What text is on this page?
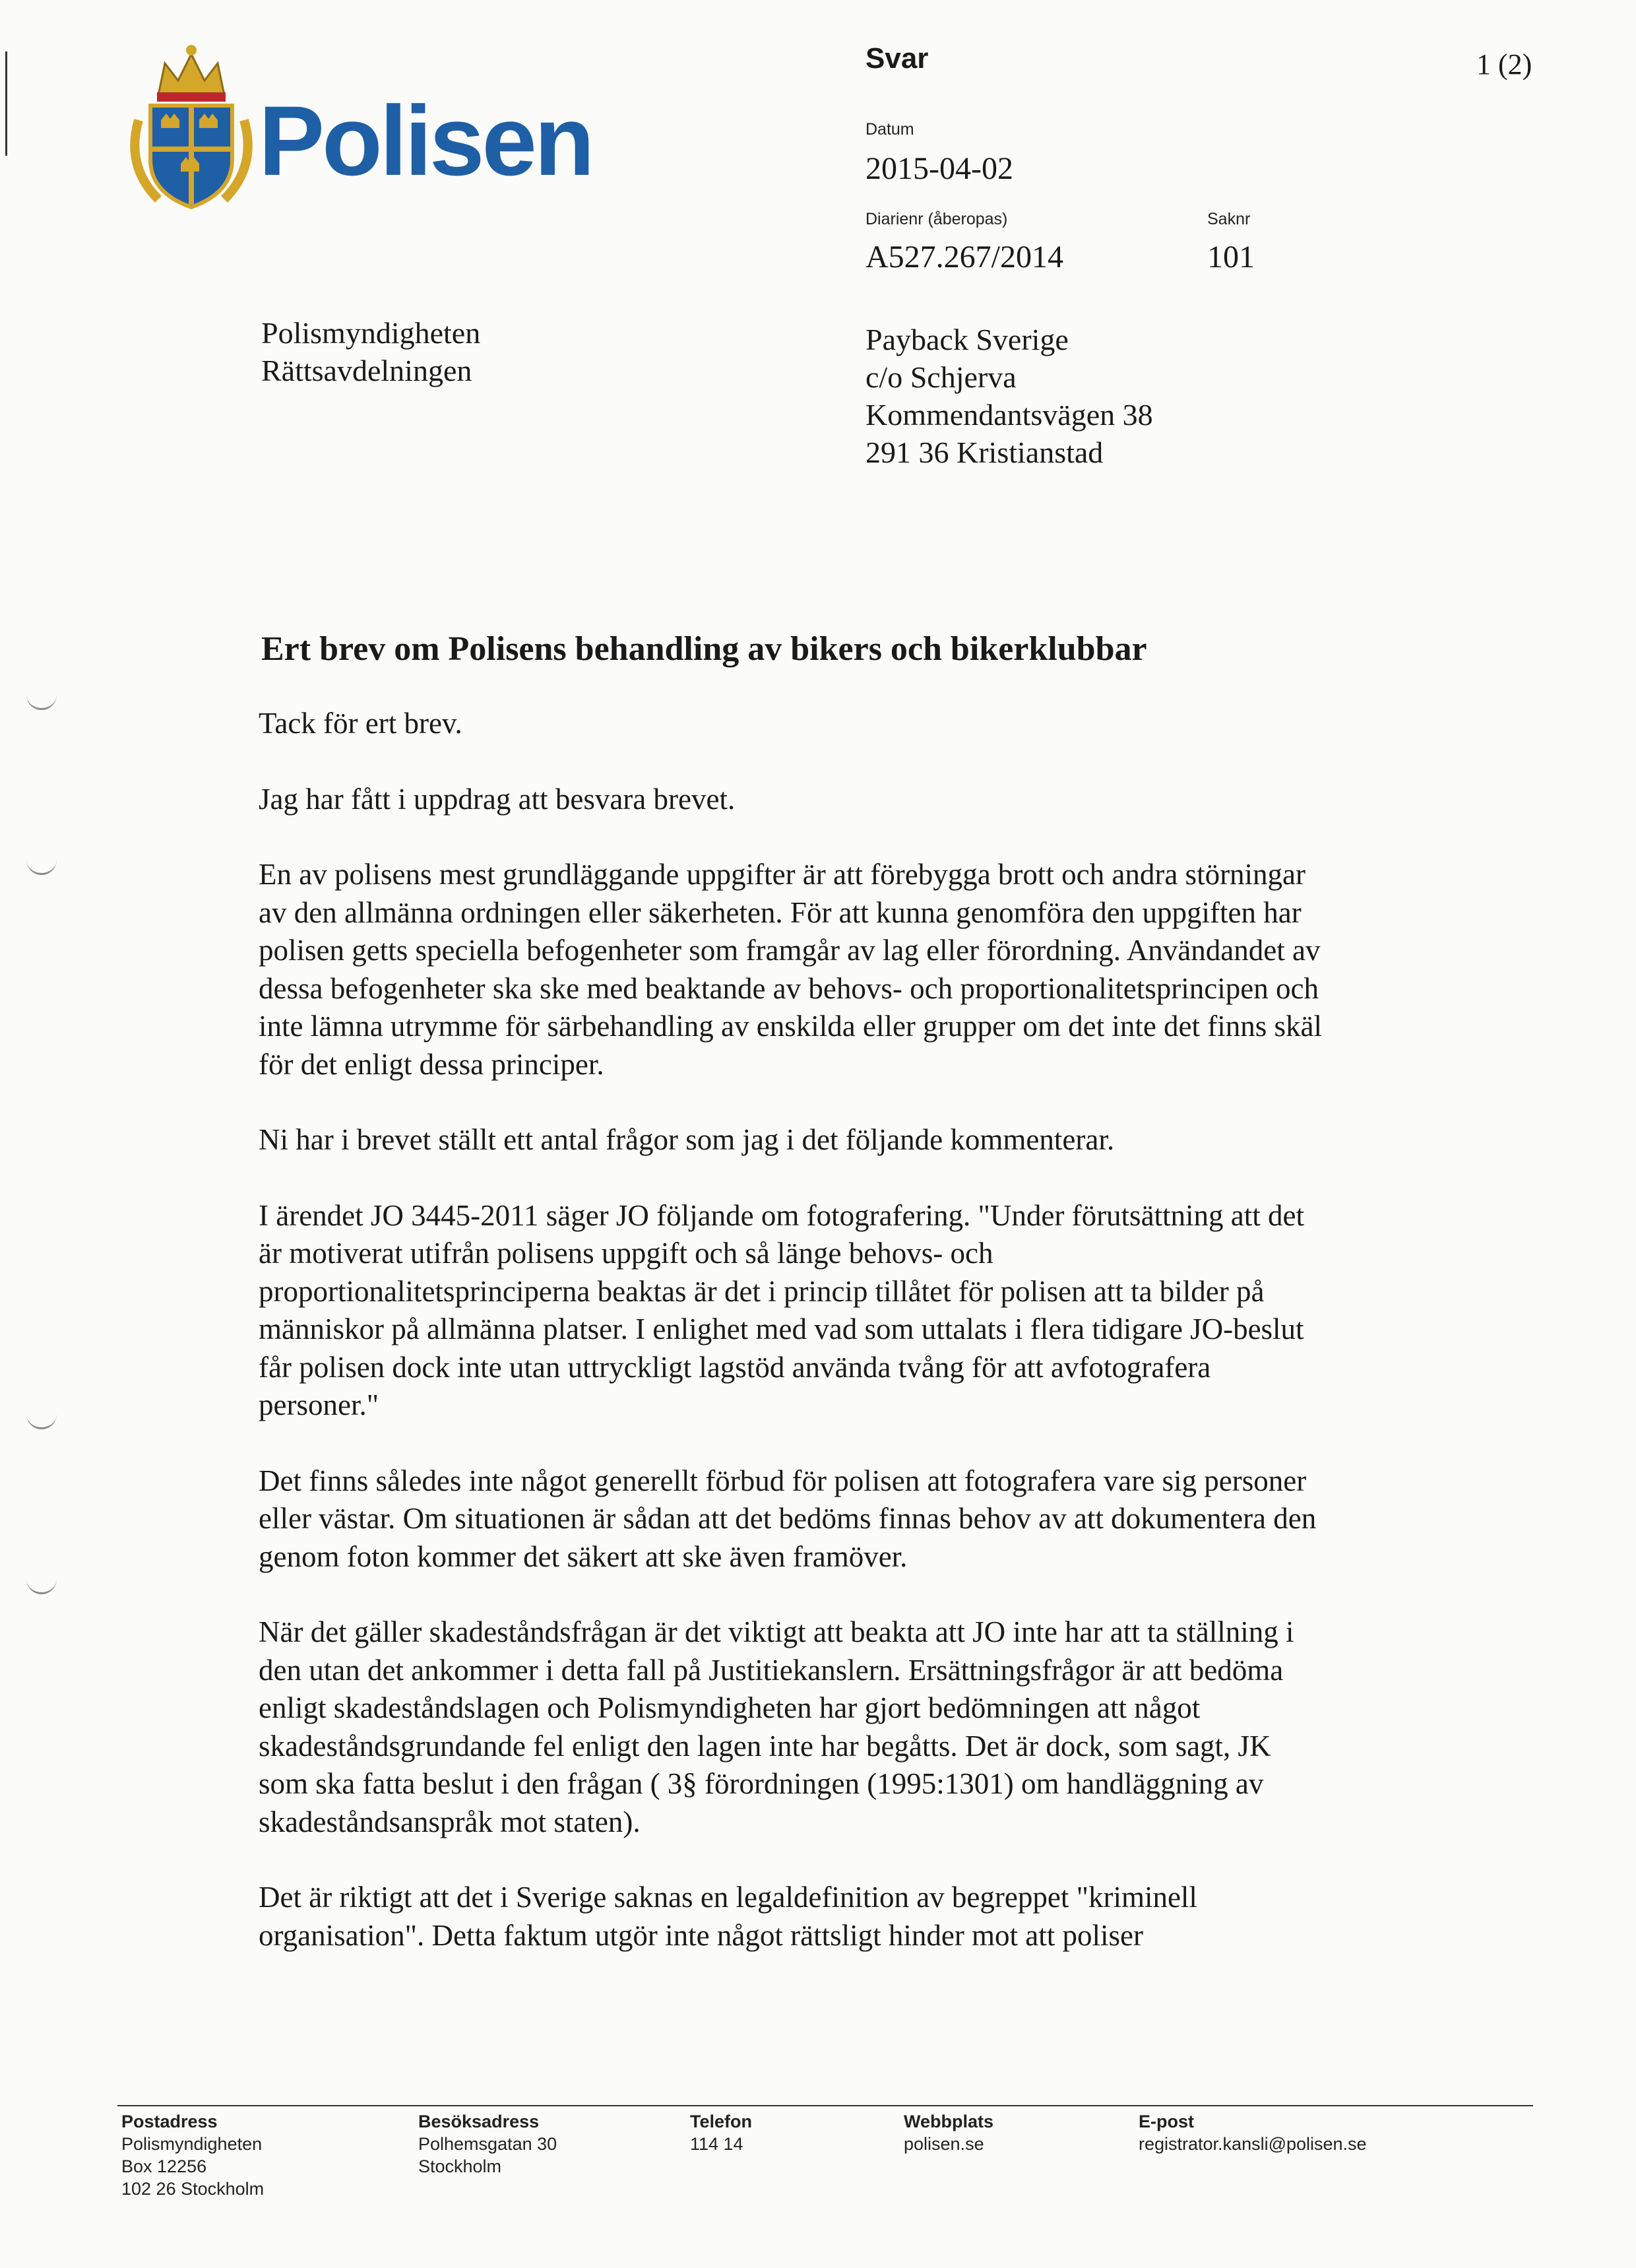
Polisen
Svar	1 (2)
Datum
2015-04-02
Diarienr (åberopas)
A527.267/2014
Saknr
101
Polismyndigheten
Rättsavdelningen
Payback Sverige
c/o Schjerva
Kommendantsvägen 38
291 36 Kristianstad
Ert brev om Polisens behandling av bikers och bikerklubbar

Tack för ert brev.

Jag har fått i uppdrag att besvara brevet.

En av polisens mest grundläggande uppgifter är att förebygga brott och andra störningar av den allmänna ordningen eller säkerheten. För att kunna genomföra den uppgiften har polisen getts speciella befogenheter som framgår av lag eller förordning. Användandet av dessa befogenheter ska ske med beaktande av behovs- och proportionalitetsprincipen och inte lämna utrymme för särbehandling av enskilda eller grupper om det inte det finns skäl för det enligt dessa principer.

Ni har i brevet ställt ett antal frågor som jag i det följande kommenterar.

I ärendet JO 3445-2011 säger JO följande om fotografering. "Under förutsättning att det är motiverat utifrån polisens uppgift och så länge behovs- och proportionalitetsprinciperna beaktas är det i princip tillåtet för polisen att ta bilder på människor på allmänna platser. I enlighet med vad som uttalats i flera tidigare JO-beslut får polisen dock inte utan uttryckligt lagstöd använda tvång för att avfotografera personer."

Det finns således inte något generellt förbud för polisen att fotografera vare sig personer eller västar. Om situationen är sådan att det bedöms finnas behov av att dokumentera den genom foton kommer det säkert att ske även framöver.

När det gäller skadeståndsfrågan är det viktigt att beakta att JO inte har att ta ställning i den utan det ankommer i detta fall på Justitiekanslern. Ersättningsfrågor är att bedöma enligt skadeståndslagen och Polismyndigheten har gjort bedömningen att något skadeståndsgrundande fel enligt den lagen inte har begåtts. Det är dock, som sagt, JK som ska fatta beslut i den frågan ( 3§ förordningen (1995:1301) om handläggning av skadeståndsanspråk mot staten).

Det är riktigt att det i Sverige saknas en legaldefinition av begreppet "kriminell organisation". Detta faktum utgör inte något rättsligt hinder mot att poliser

Postadress
Polismyndigheten
Box 12256
102 26 Stockholm
Besöksadress
Polhemsgatan 30
Stockholm
Telefon
114 14
Webbplats
polisen.se
E-post
registrator.kansli@polisen.se
